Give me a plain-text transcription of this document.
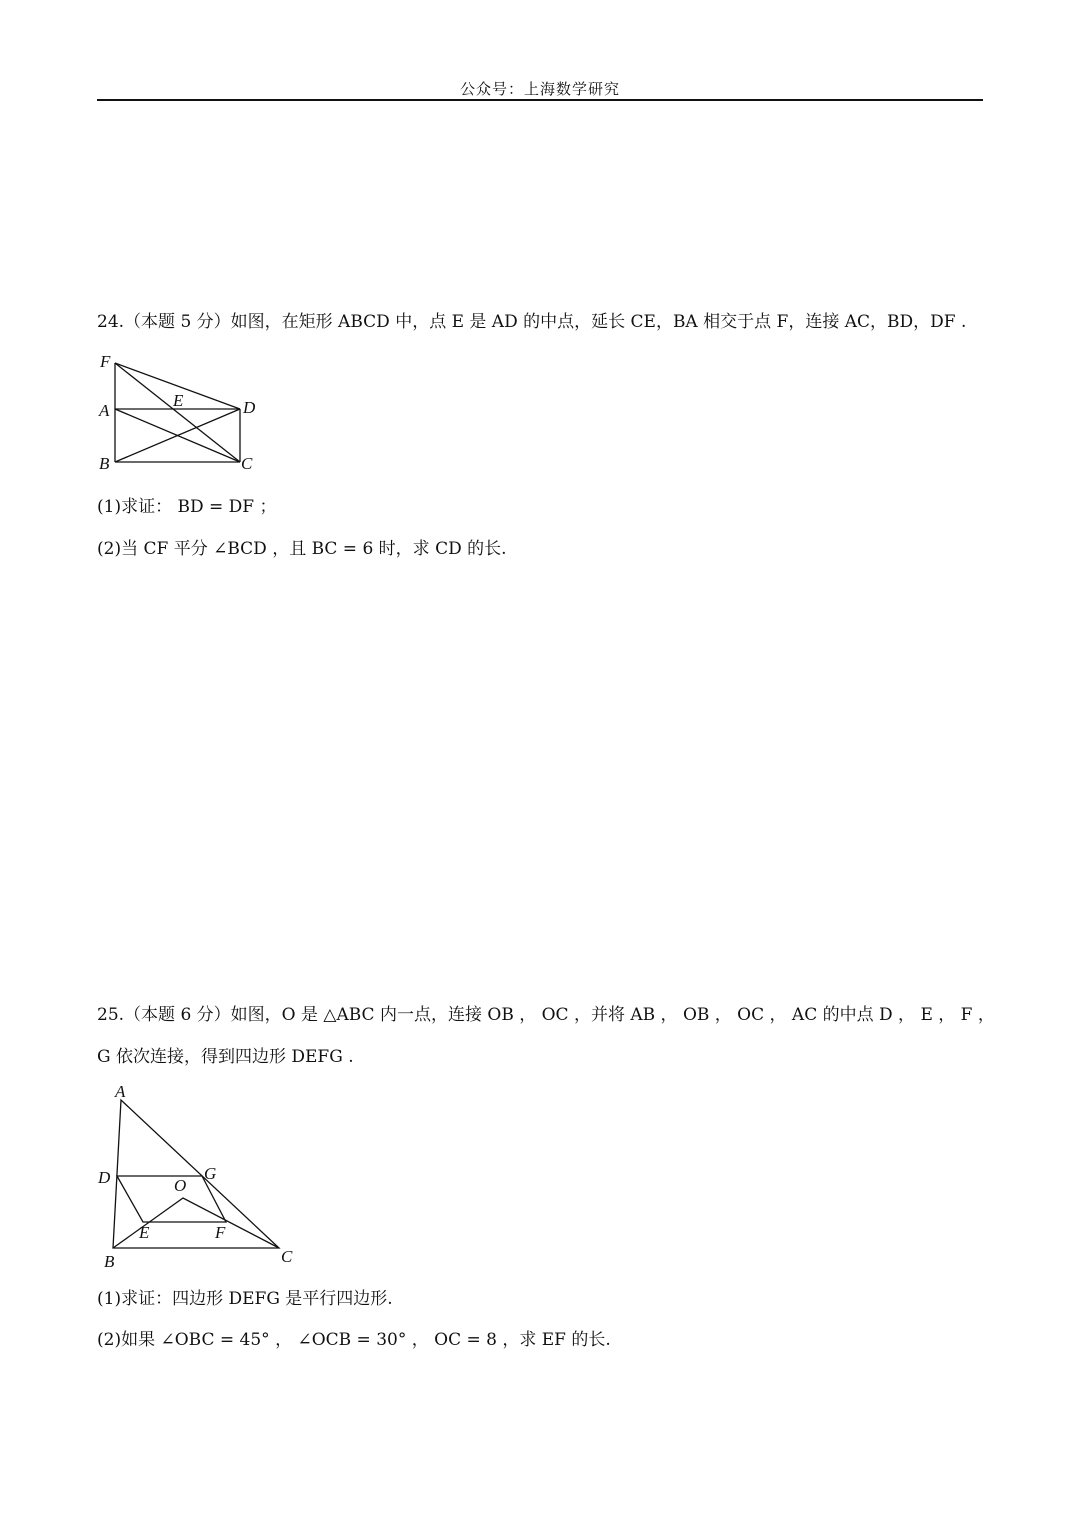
公众号：上海数学研究
24.（本题 5 分）如图，在矩形 ABCD 中，点 E 是 AD 的中点，延长 CE，BA 相交于点 F，连接 AC，BD，DF .
F
A
E	D
B	C
(1)求证： BD = DF ；
(2)当 CF 平分 ∠BCD ，且 BC = 6 时，求 CD 的长.
25.（本题 6 分）如图，O 是 △ABC 内一点，连接 OB ， OC ，并将 AB ， OB ， OC ， AC 的中点 D ， E ， F ，
G 依次连接，得到四边形 DEFG .
A
D	G
O
E	F
B	C
(1)求证：四边形 DEFG 是平行四边形.
(2)如果 ∠OBC = 45° ， ∠OCB = 30° ， OC = 8 ，求 EF 的长.
